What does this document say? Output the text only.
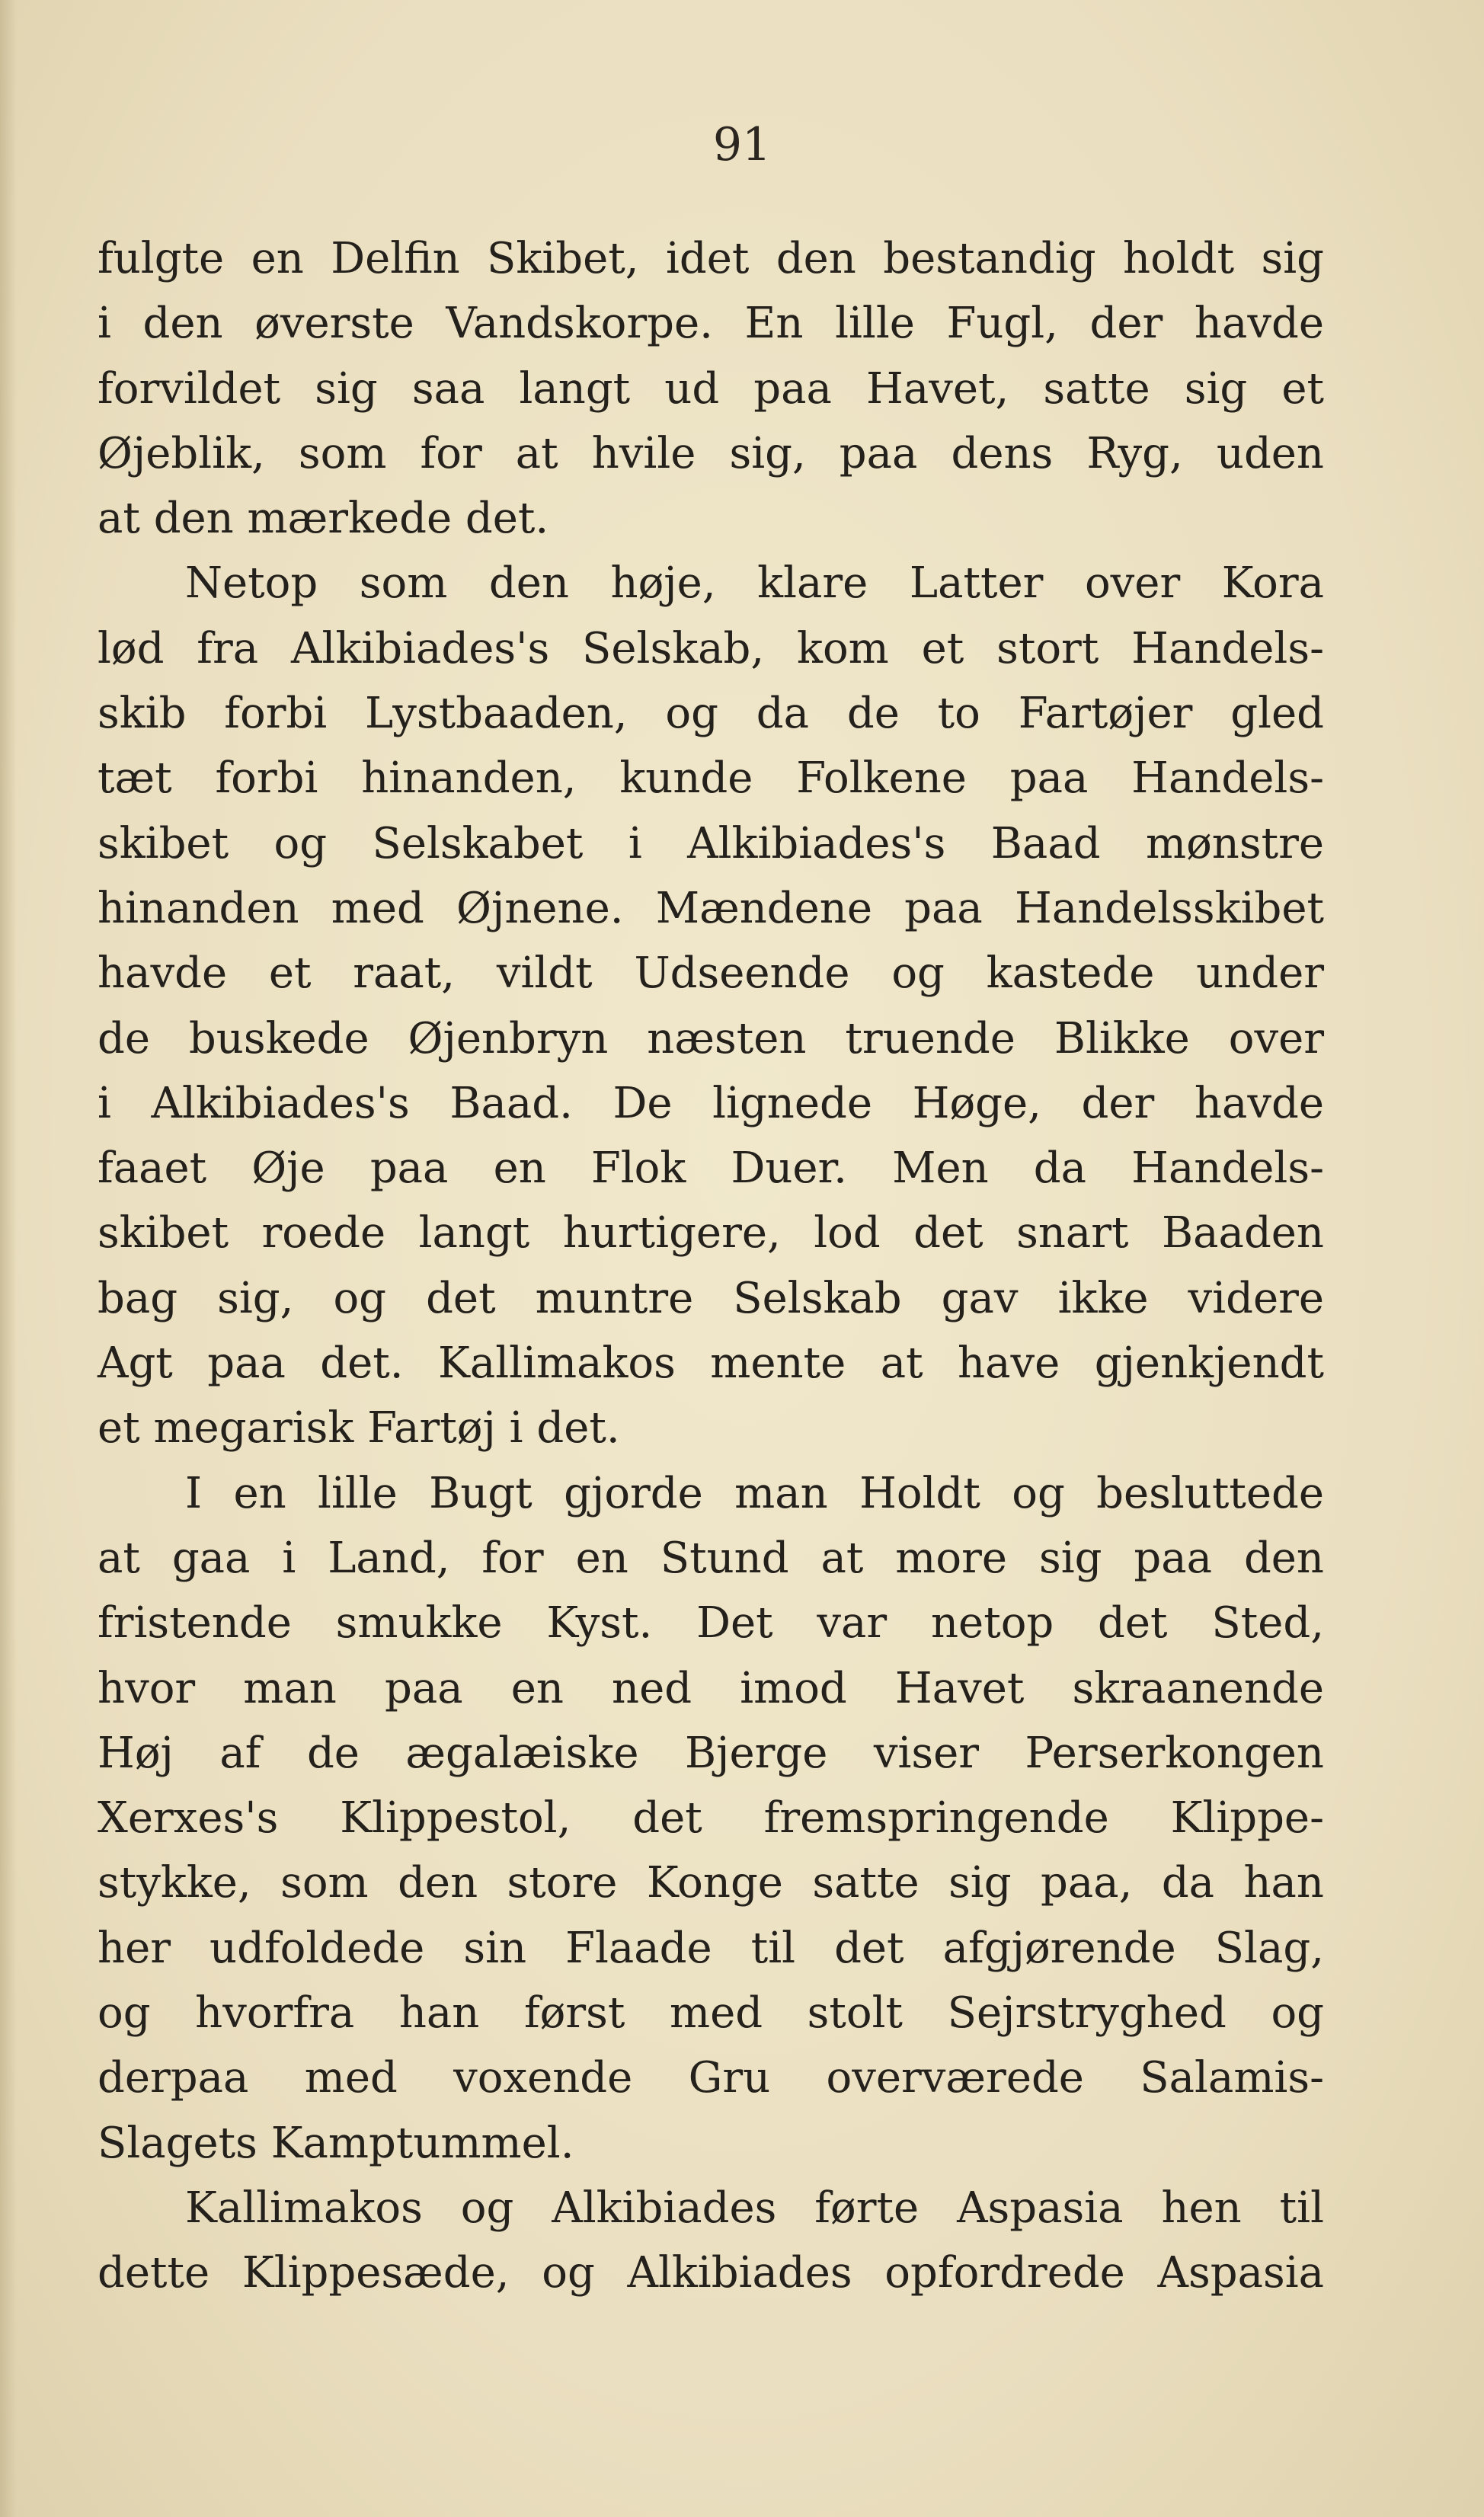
91
fulgte en Delfin Skibet, idet den bestandig holdt sig
i den øverste Vandskorpe. En lille Fugl, der havde
forvildet sig saa langt ud paa Havet, satte sig et
Øjeblik, som for at hvile sig, paa dens Ryg, uden
at den mærkede det.
Netop som den høje, klare Latter over Kora
lød fra Alkibiades's Selskab, kom et stort Handels-
skib forbi Lystbaaden, og da de to Fartøjer gled
tæt forbi hinanden, kunde Folkene paa Handels-
skibet og Selskabet i Alkibiades's Baad mønstre
hinanden med Øjnene. Mændene paa Handelsskibet
havde et raat, vildt Udseende og kastede under
de buskede Øjenbryn næsten truende Blikke over
i Alkibiades's Baad. De lignede Høge, der havde
faaet Øje paa en Flok Duer. Men da Handels-
skibet roede langt hurtigere, lod det snart Baaden
bag sig, og det muntre Selskab gav ikke videre
Agt paa det. Kallimakos mente at have gjenkjendt
et megarisk Fartøj i det.
I en lille Bugt gjorde man Holdt og besluttede
at gaa i Land, for en Stund at more sig paa den
fristende smukke Kyst. Det var netop det Sted,
hvor man paa en ned imod Havet skraanende
Høj af de ægalæiske Bjerge viser Perserkongen
Xerxes's Klippestol, det fremspringende Klippe-
stykke, som den store Konge satte sig paa, da han
her udfoldede sin Flaade til det afgjørende Slag,
og hvorfra han først med stolt Sejrstryghed og
derpaa med voxende Gru overværede Salamis-
Slagets Kamptummel.
Kallimakos og Alkibiades førte Aspasia hen til
dette Klippesæde, og Alkibiades opfordrede Aspasia
